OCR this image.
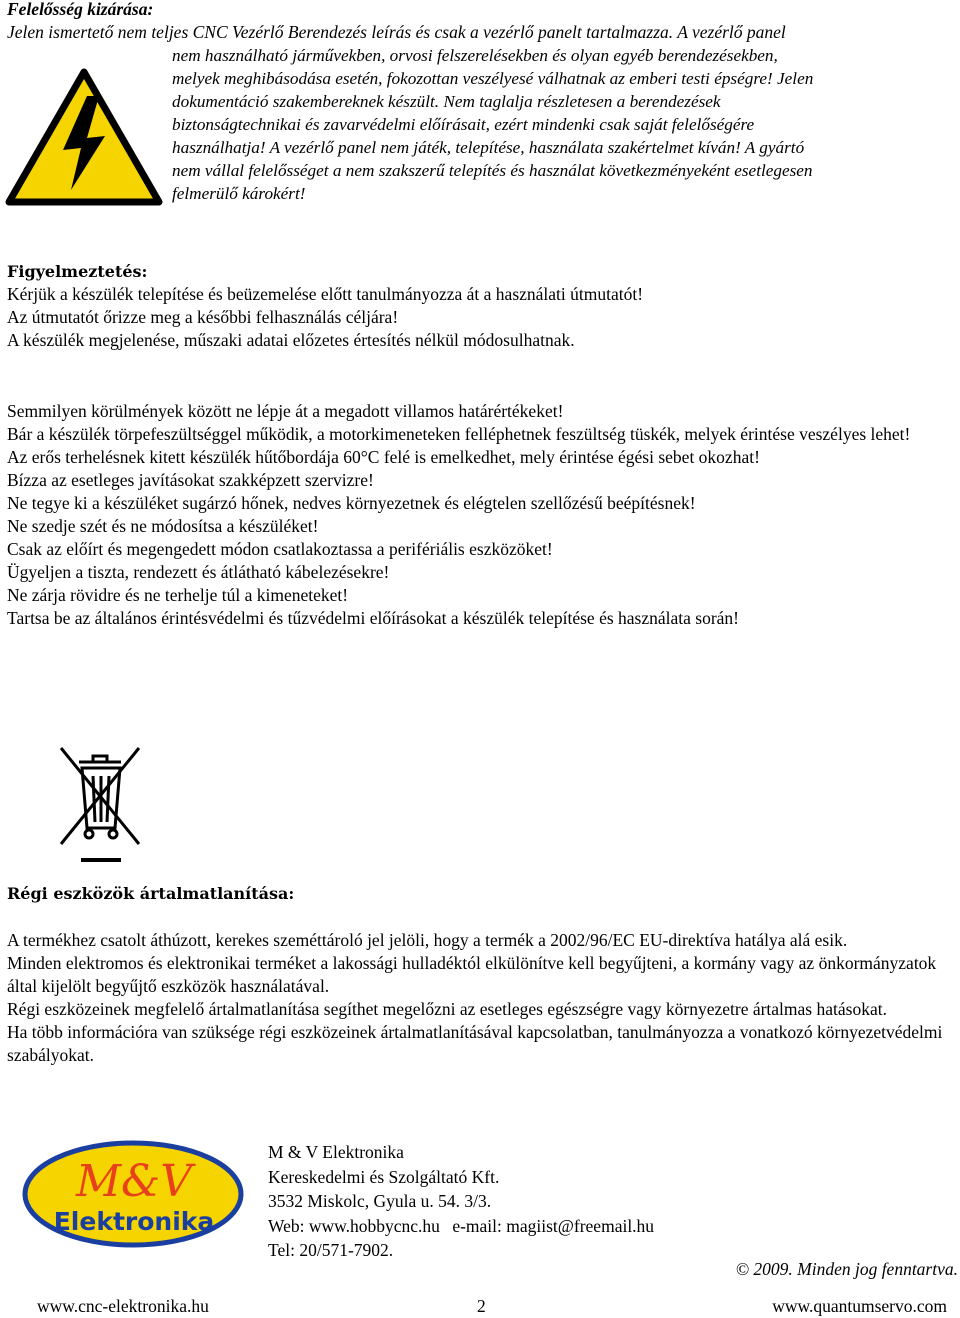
Felelősség kizárása:
Jelen ismertető nem teljes CNC Vezérlő Berendezés leírás és csak a vezérlő panelt tartalmazza. A vezérlő panel
nem használható járművekben, orvosi felszerelésekben és olyan egyéb berendezésekben,
melyek meghibásodása esetén, fokozottan veszélyesé válhatnak az emberi testi épségre! Jelen
dokumentáció szakembereknek készült. Nem taglalja részletesen a berendezések
biztonságtechnikai és zavarvédelmi előírásait, ezért mindenki csak saját felelőségére
használhatja! A vezérlő panel nem játék, telepítése, használata szakértelmet kíván! A gyártó
nem vállal felelősséget a nem szakszerű telepítés és használat következményeként esetlegesen
felmerülő károkért!

Figyelmeztetés:

Kérjük a készülék telepítése és beüzemelése előtt tanulmányozza át a használati útmutatót!

Az útmutatót őrizze meg a későbbi felhasználás céljára!

A készülék megjelenése, műszaki adatai előzetes értesítés nélkül módosulhatnak.

Semmilyen körülmények között ne lépje át a megadott villamos határértékeket!

Bár a készülék törpefeszültséggel működik, a motorkimeneteken felléphetnek feszültség tüskék, melyek érintése veszélyes lehet!

Az erős terhelésnek kitett készülék hűtőbordája 60°C felé is emelkedhet, mely érintése égési sebet okozhat!

Bízza az esetleges javításokat szakképzett szervizre!

Ne tegye ki a készüléket sugárzó hőnek, nedves környezetnek és elégtelen szellőzésű beépítésnek!

Ne szedje szét és ne módosítsa a készüléket!

Csak az előírt és megengedett módon csatlakoztassa a perifériális eszközöket!

Ügyeljen a tiszta, rendezett és átlátható kábelezésekre!

Ne zárja rövidre és ne terhelje túl a kimeneteket!

Tartsa be az általános érintésvédelmi és tűzvédelmi előírásokat a készülék telepítése és használata során!

Régi eszközök ártalmatlanítása:

A termékhez csatolt áthúzott, kerekes szeméttároló jel jelöli, hogy a termék a 2002/96/EC EU-direktíva hatálya alá esik.

Minden elektromos és elektronikai terméket a lakossági hulladéktól elkülönítve kell begyűjteni, a kormány vagy az önkormányzatok által kijelölt begyűjtő eszközök használatával.

Régi eszközeinek megfelelő ártalmatlanítása segíthet megelőzni az esetleges egészségre vagy környezetre ártalmas hatásokat.

Ha több információra van szüksége régi eszközeinek ártalmatlanításával kapcsolatban, tanulmányozza a vonatkozó környezetvédelmi szabályokat.

M&V
Elektronika
M & V Elektronika
Kereskedelmi és Szolgáltató Kft.
3532 Miskolc, Gyula u. 54. 3/3.
Web: www.hobbycnc.hu e-mail: magiist@freemail.hu
Tel: 20/571-7902.
© 2009. Minden jog fenntartva.
www.cnc-elektronika.hu	2	www.quantumservo.com
